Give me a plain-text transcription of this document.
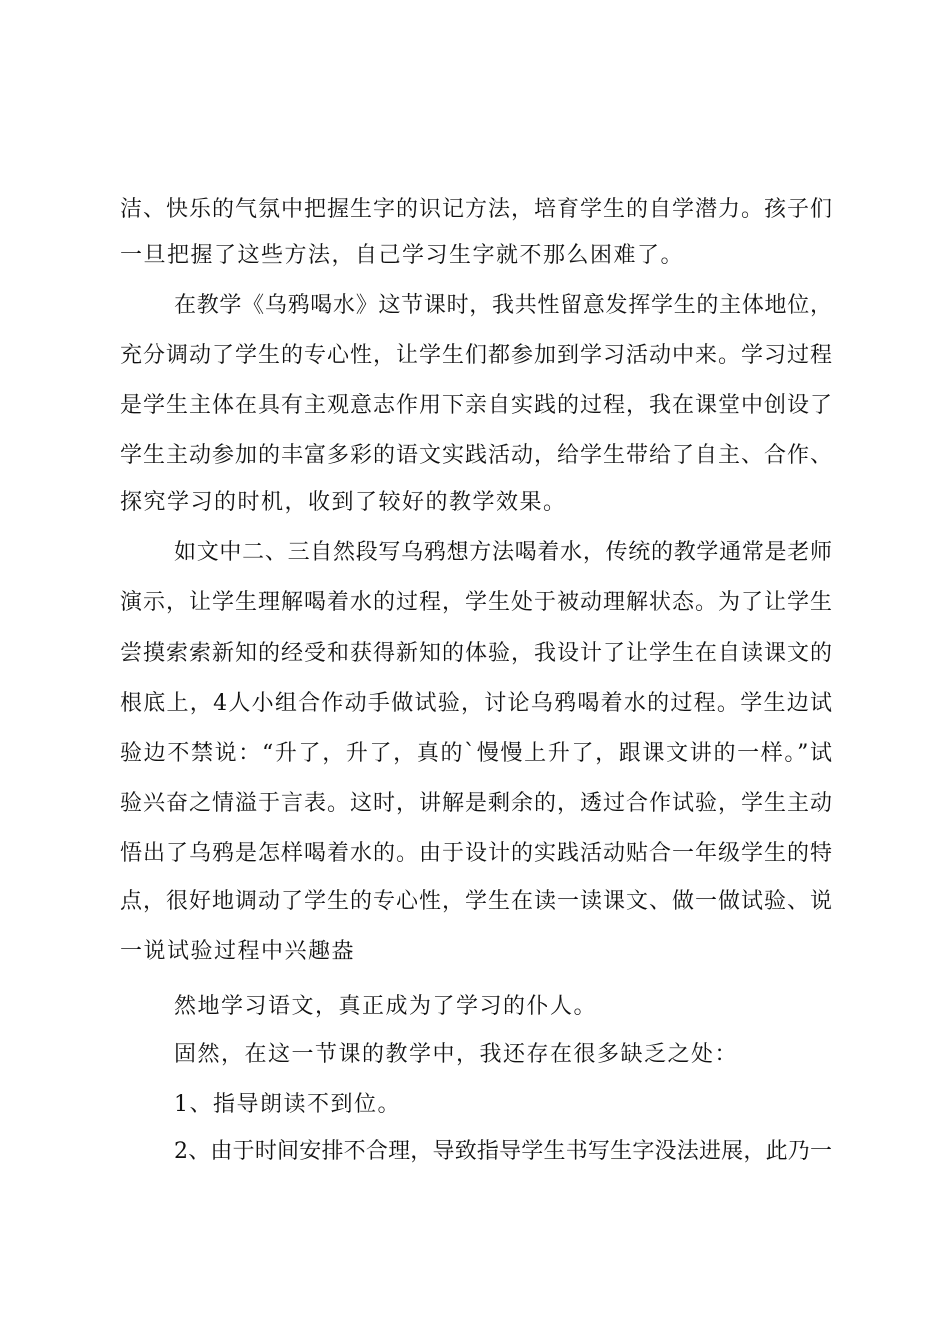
洁、快乐的气氛中把握生字的识记方法，培育学生的自学潜力。孩子们
一旦把握了这些方法，自己学习生字就不那么困难了。
在教学《乌鸦喝水》这节课时，我共性留意发挥学生的主体地位，
充分调动了学生的专心性，让学生们都参加到学习活动中来。学习过程
是学生主体在具有主观意志作用下亲自实践的过程，我在课堂中创设了
学生主动参加的丰富多彩的语文实践活动，给学生带给了自主、合作、
探究学习的时机，收到了较好的教学效果。
如文中二、三自然段写乌鸦想方法喝着水，传统的教学通常是老师
演示，让学生理解喝着水的过程，学生处于被动理解状态。为了让学生
尝摸索索新知的经受和获得新知的体验，我设计了让学生在自读课文的
根底上，4人小组合作动手做试验，讨论乌鸦喝着水的过程。学生边试
验边不禁说：“升了，升了，真的`慢慢上升了，跟课文讲的一样。”试
验兴奋之情溢于言表。这时，讲解是剩余的，透过合作试验，学生主动
悟出了乌鸦是怎样喝着水的。由于设计的实践活动贴合一年级学生的特
点，很好地调动了学生的专心性，学生在读一读课文、做一做试验、说
一说试验过程中兴趣盎
然地学习语文，真正成为了学习的仆人。
固然，在这一节课的教学中，我还存在很多缺乏之处：
1、指导朗读不到位。
2、由于时间安排不合理，导致指导学生书写生字没法进展，此乃一
